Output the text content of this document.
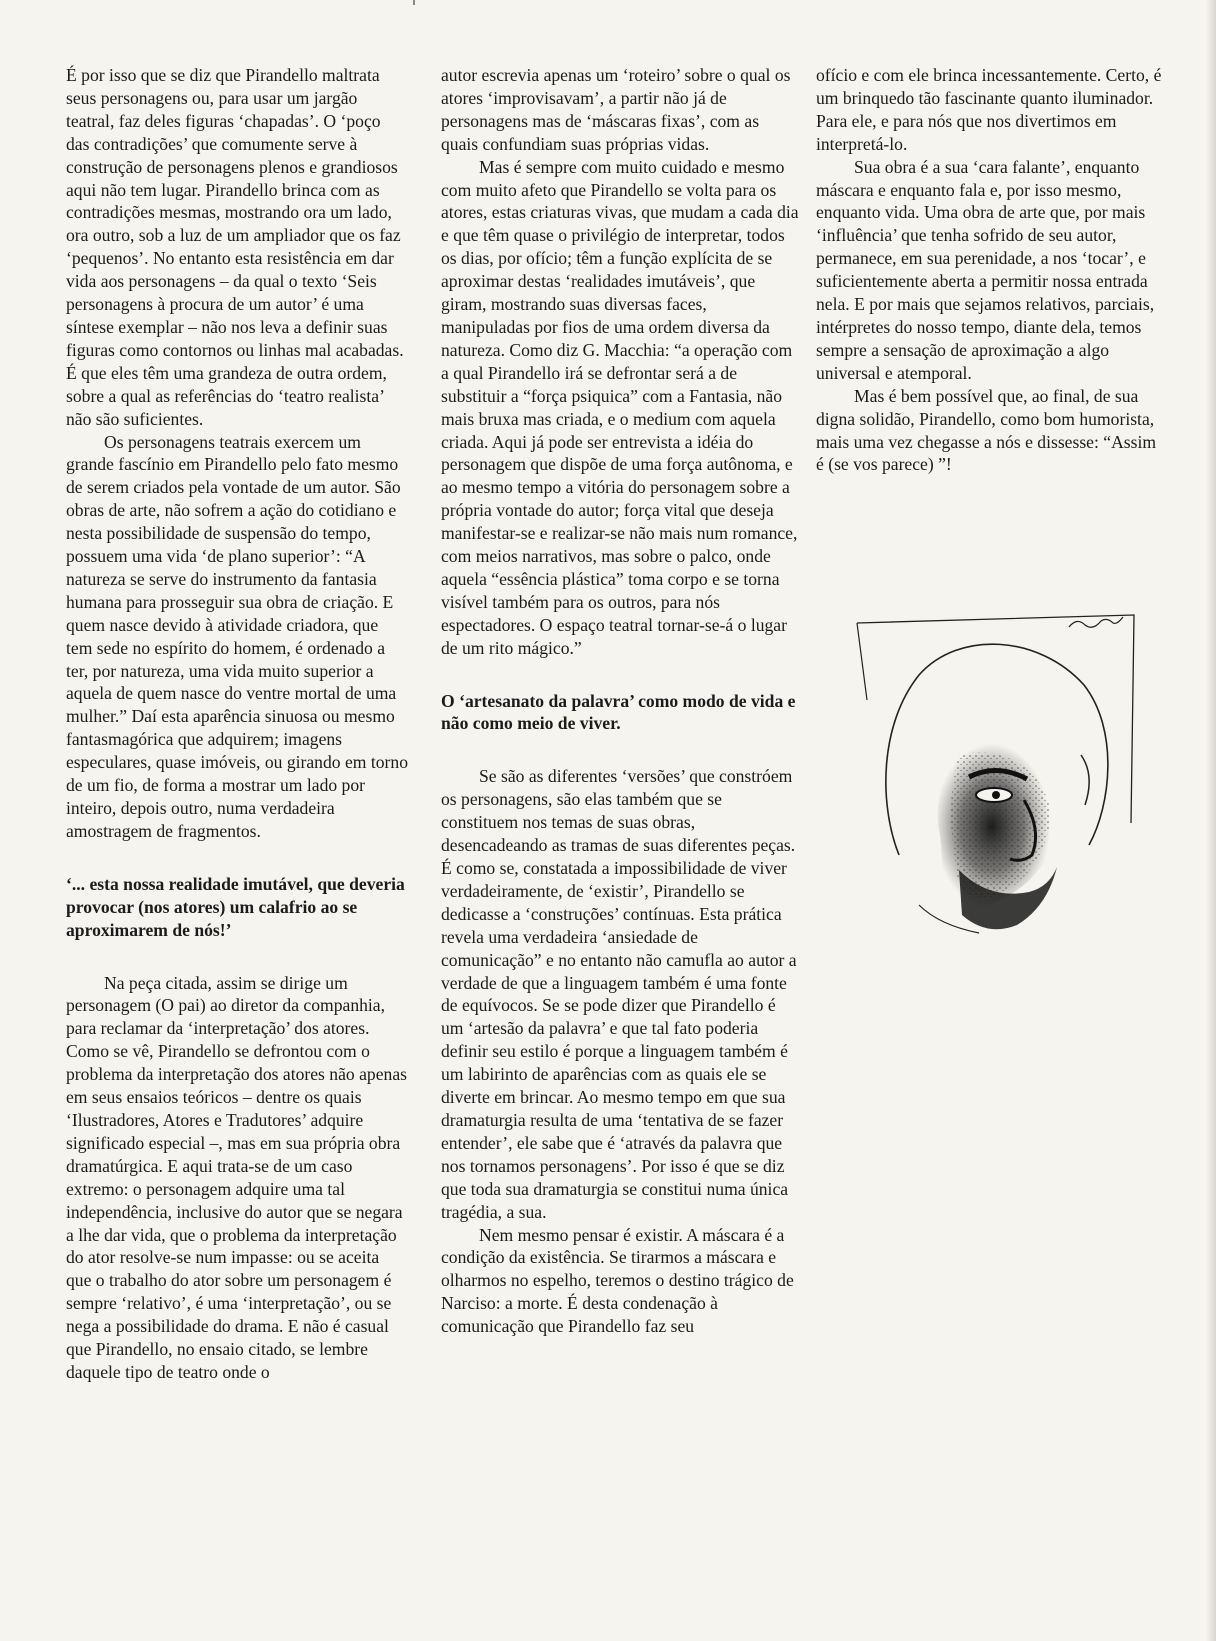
É por isso que se diz que Pirandello maltrata seus personagens ou, para usar um jargão teatral, faz deles figuras ‘chapadas’. O ‘poço das contradições’ que comumente serve à construção de personagens plenos e grandiosos aqui não tem lugar. Pirandello brinca com as contradições mesmas, mostrando ora um lado, ora outro, sob a luz de um ampliador que os faz ‘pequenos’. No entanto esta resistência em dar vida aos personagens – da qual o texto ‘Seis personagens à procura de um autor’ é uma síntese exemplar – não nos leva a definir suas figuras como contornos ou linhas mal acabadas. É que eles têm uma grandeza de outra ordem, sobre a qual as referências do ‘teatro realista’ não são suficientes.

Os personagens teatrais exercem um grande fascínio em Pirandello pelo fato mesmo de serem criados pela vontade de um autor. São obras de arte, não sofrem a ação do cotidiano e nesta possibilidade de suspensão do tempo, possuem uma vida ‘de plano superior’: “A natureza se serve do instrumento da fantasia humana para prosseguir sua obra de criação. E quem nasce devido à atividade criadora, que tem sede no espírito do homem, é ordenado a ter, por natureza, uma vida muito superior a aquela de quem nasce do ventre mortal de uma mulher.” Daí esta aparência sinuosa ou mesmo fantasmagórica que adquirem; imagens especulares, quase imóveis, ou girando em torno de um fio, de forma a mostrar um lado por inteiro, depois outro, numa verdadeira amostragem de fragmentos.

‘... esta nossa realidade imutável, que deveria provocar (nos atores) um calafrio ao se aproximarem de nós!’

Na peça citada, assim se dirige um personagem (O pai) ao diretor da companhia, para reclamar da ‘interpretação’ dos atores. Como se vê, Pirandello se defrontou com o problema da interpretação dos atores não apenas em seus ensaios teóricos – dentre os quais ‘Ilustradores, Atores e Tradutores’ adquire significado especial –, mas em sua própria obra dramatúrgica. E aqui trata-se de um caso extremo: o personagem adquire uma tal independência, inclusive do autor que se negara a lhe dar vida, que o problema da interpretação do ator resolve-se num impasse: ou se aceita que o trabalho do ator sobre um personagem é sempre ‘relativo’, é uma ‘interpretação’, ou se nega a possibilidade do drama. E não é casual que Pirandello, no ensaio citado, se lembre daquele tipo de teatro onde o

autor escrevia apenas um ‘roteiro’ sobre o qual os atores ‘improvisavam’, a partir não já de personagens mas de ‘máscaras fixas’, com as quais confundiam suas próprias vidas.

Mas é sempre com muito cuidado e mesmo com muito afeto que Pirandello se volta para os atores, estas criaturas vivas, que mudam a cada dia e que têm quase o privilégio de interpretar, todos os dias, por ofício; têm a função explícita de se aproximar destas ‘realidades imutáveis’, que giram, mostrando suas diversas faces, manipuladas por fios de uma ordem diversa da natureza. Como diz G. Macchia: “a operação com a qual Pirandello irá se defrontar será a de substituir a “força psiquica” com a Fantasia, não mais bruxa mas criada, e o medium com aquela criada. Aqui já pode ser entrevista a idéia do personagem que dispõe de uma força autônoma, e ao mesmo tempo a vitória do personagem sobre a própria vontade do autor; força vital que deseja manifestar-se e realizar-se não mais num romance, com meios narrativos, mas sobre o palco, onde aquela “essência plástica” toma corpo e se torna visível também para os outros, para nós espectadores. O espaço teatral tornar-se-á o lugar de um rito mágico.”

O ‘artesanato da palavra’ como modo de vida e não como meio de viver.

Se são as diferentes ‘versões’ que constróem os personagens, são elas também que se constituem nos temas de suas obras, desencadeando as tramas de suas diferentes peças. É como se, constatada a impossibilidade de viver verdadeiramente, de ‘existir’, Pirandello se dedicasse a ‘construções’ contínuas. Esta prática revela uma verdadeira ‘ansiedade de comunicação” e no entanto não camufla ao autor a verdade de que a linguagem também é uma fonte de equívocos. Se se pode dizer que Pirandello é um ‘artesão da palavra’ e que tal fato poderia definir seu estilo é porque a linguagem também é um labirinto de aparências com as quais ele se diverte em brincar. Ao mesmo tempo em que sua dramaturgia resulta de uma ‘tentativa de se fazer entender’, ele sabe que é ‘através da palavra que nos tornamos personagens’. Por isso é que se diz que toda sua dramaturgia se constitui numa única tragédia, a sua.

Nem mesmo pensar é existir. A máscara é a condição da existência. Se tirarmos a máscara e olharmos no espelho, teremos o destino trágico de Narciso: a morte. É desta condenação à comunicação que Pirandello faz seu

ofício e com ele brinca incessantemente. Certo, é um brinquedo tão fascinante quanto iluminador. Para ele, e para nós que nos divertimos em interpretá-lo.

Sua obra é a sua ‘cara falante’, enquanto máscara e enquanto fala e, por isso mesmo, enquanto vida. Uma obra de arte que, por mais ‘influência’ que tenha sofrido de seu autor, permanece, em sua perenidade, a nos ‘tocar’, e suficientemente aberta a permitir nossa entrada nela. E por mais que sejamos relativos, parciais, intérpretes do nosso tempo, diante dela, temos sempre a sensação de aproximação a algo universal e atemporal.

Mas é bem possível que, ao final, de sua digna solidão, Pirandello, como bom humorista, mais uma vez chegasse a nós e dissesse: “Assim é (se vos parece) ”!
